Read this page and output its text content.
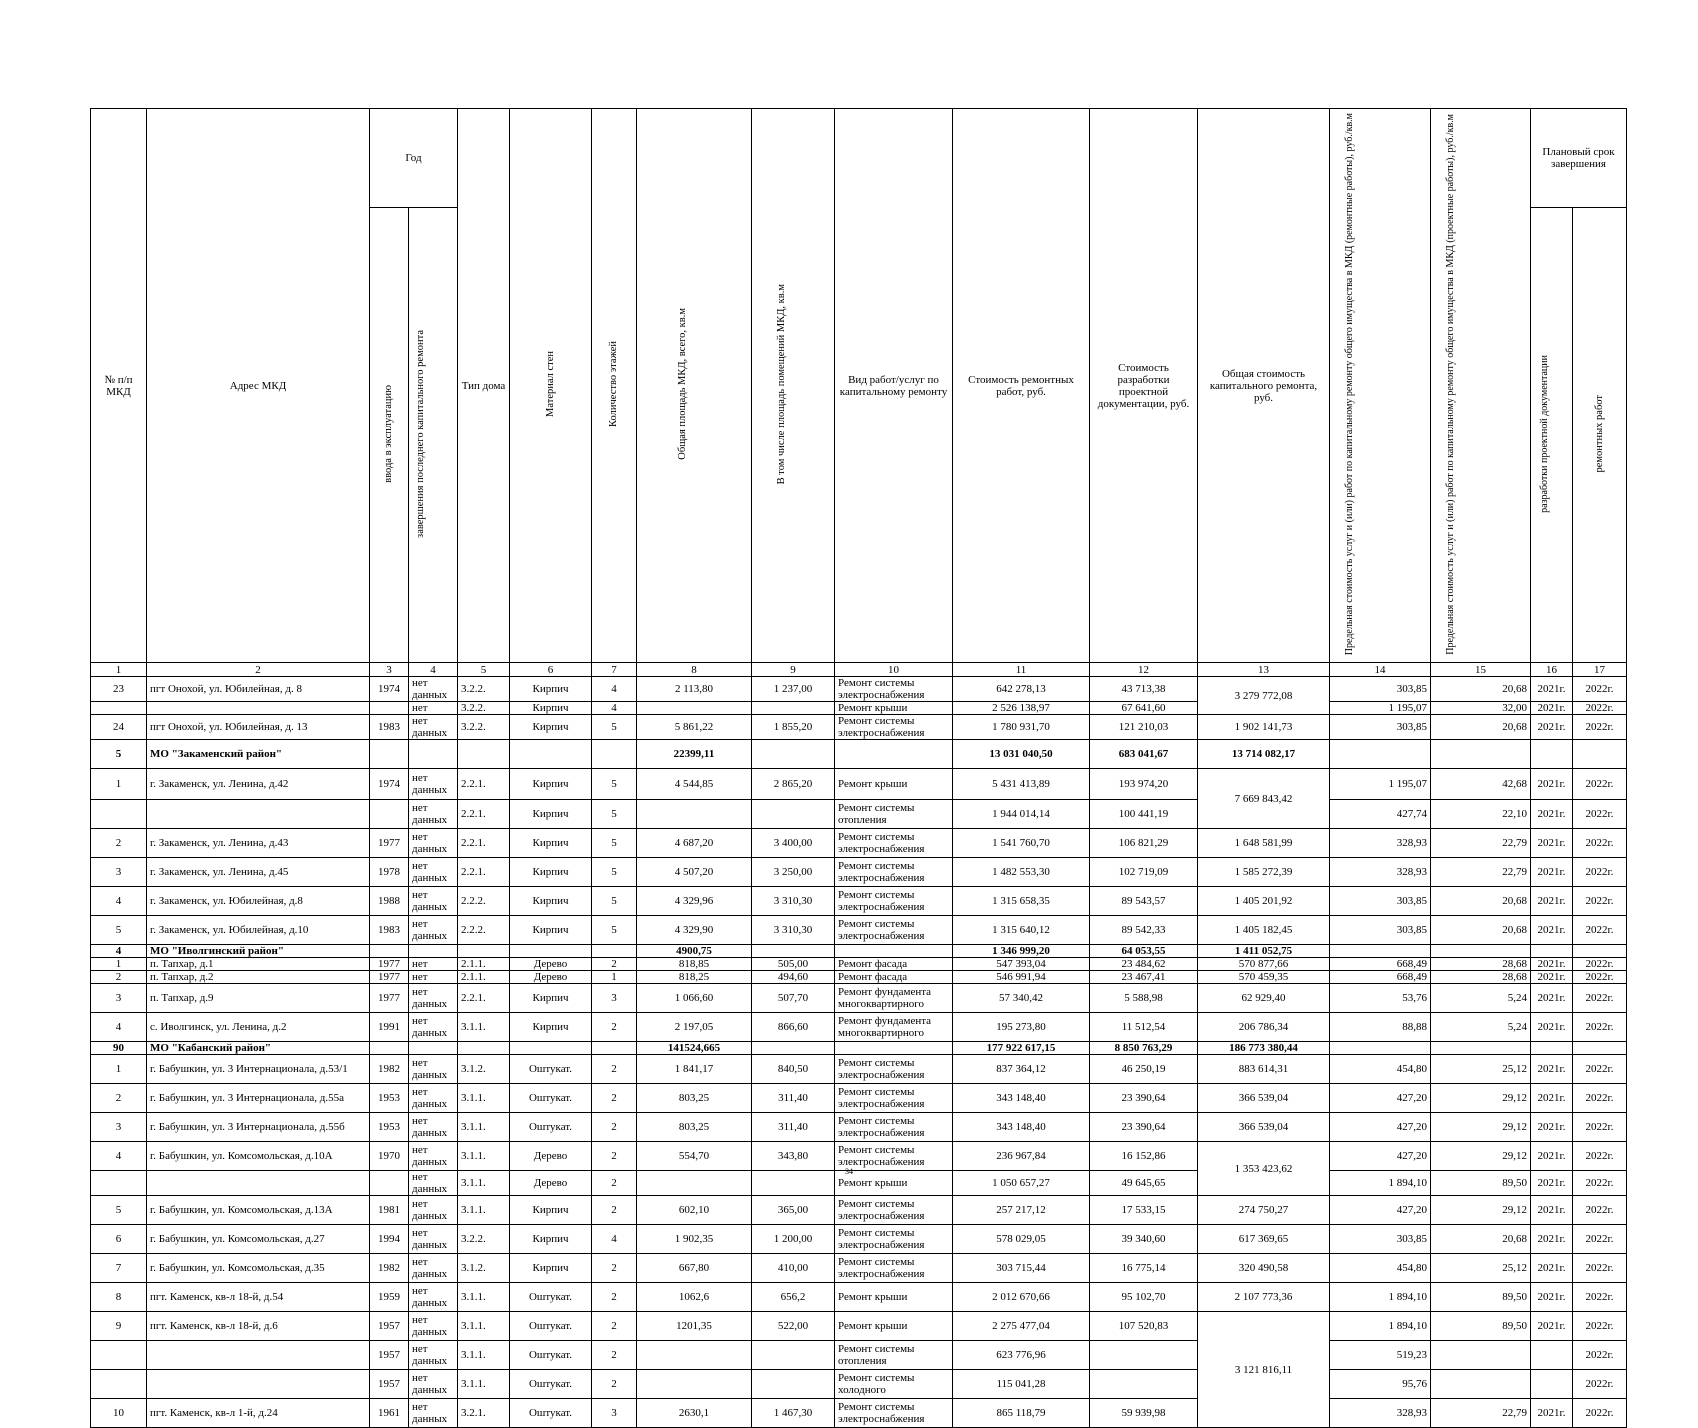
№ п/п МКД	Адрес МКД	Год		Тип дома	Материал стен	Количество этажей	Общая площадь МКД, всего, кв.м	В том числе площадь помещений МКД, кв.м	Вид работ/услуг по капитальному ремонту	Стоимость ремонтных работ, руб.	Стоимость разработки проектной документации, руб.	Общая стоимость капитального ремонта, руб.	Предельная стоимость услуг и (или) работ по капитальному ремонту общего имущества в МКД (ремонтные работы), руб./кв.м	Предельная стоимость услуг и (или) работ по капитальному ремонту общего имущества в МКД (проектные работы), руб./кв.м	Плановый срок завершения	
		ввода в эксплуатацию	завершения последнего капитального ремонта												разработки проектной документации	ремонтных работ
1	2	3	4	5	6	7	8	9	10	11	12	13	14	15	16	17
23	пгт Онохой, ул. Юбилейная, д. 8	1974	нет данных	3.2.2.	Кирпич	4	2 113,80	1 237,00	Ремонт системы электроснабжения	642 278,13	43 713,38	3 279 772,08	303,85	20,68	2021г.	2022г.
			нет	3.2.2.	Кирпич	4			Ремонт крыши	2 526 138,97	67 641,60		1 195,07	32,00	2021г.	2022г.
24	пгт Онохой, ул. Юбилейная, д. 13	1983	нет данных	3.2.2.	Кирпич	5	5 861,22	1 855,20	Ремонт системы электроснабжения	1 780 931,70	121 210,03	1 902 141,73	303,85	20,68	2021г.	2022г.
5	МО "Закаменский район"						22399,11			13 031 040,50	683 041,67	13 714 082,17				
1	г. Закаменск, ул. Ленина, д.42	1974	нет данных	2.2.1.	Кирпич	5	4 544,85	2 865,20	Ремонт крыши	5 431 413,89	193 974,20	7 669 843,42	1 195,07	42,68	2021г.	2022г.
			нет данных	2.2.1.	Кирпич	5			Ремонт системы отопления	1 944 014,14	100 441,19		427,74	22,10	2021г.	2022г.
2	г. Закаменск, ул. Ленина, д.43	1977	нет данных	2.2.1.	Кирпич	5	4 687,20	3 400,00	Ремонт системы электроснабжения	1 541 760,70	106 821,29	1 648 581,99	328,93	22,79	2021г.	2022г.
3	г. Закаменск, ул. Ленина, д.45	1978	нет данных	2.2.1.	Кирпич	5	4 507,20	3 250,00	Ремонт системы электроснабжения	1 482 553,30	102 719,09	1 585 272,39	328,93	22,79	2021г.	2022г.
4	г. Закаменск, ул. Юбилейная, д.8	1988	нет данных	2.2.2.	Кирпич	5	4 329,96	3 310,30	Ремонт системы электроснабжения	1 315 658,35	89 543,57	1 405 201,92	303,85	20,68	2021г.	2022г.
5	г. Закаменск, ул. Юбилейная, д.10	1983	нет данных	2.2.2.	Кирпич	5	4 329,90	3 310,30	Ремонт системы электроснабжения	1 315 640,12	89 542,33	1 405 182,45	303,85	20,68	2021г.	2022г.
4	МО "Иволгинский район"						4900,75			1 346 999,20	64 053,55	1 411 052,75				
1	п. Тапхар, д.1	1977	нет	2.1.1.	Дерево	2	818,85	505,00	Ремонт фасада	547 393,04	23 484,62	570 877,66	668,49	28,68	2021г.	2022г.
2	п. Тапхар, д.2	1977	нет	2.1.1.	Дерево	1	818,25	494,60	Ремонт фасада	546 991,94	23 467,41	570 459,35	668,49	28,68	2021г.	2022г.
3	п. Тапхар, д.9	1977	нет данных	2.2.1.	Кирпич	3	1 066,60	507,70	Ремонт фундамента многоквартирного	57 340,42	5 588,98	62 929,40	53,76	5,24	2021г.	2022г.
4	с. Иволгинск, ул. Ленина, д.2	1991	нет данных	3.1.1.	Кирпич	2	2 197,05	866,60	Ремонт фундамента многоквартирного	195 273,80	11 512,54	206 786,34	88,88	5,24	2021г.	2022г.
90	МО "Кабанский район"						141524,665			177 922 617,15	8 850 763,29	186 773 380,44				
1	г. Бабушкин, ул. 3 Интернационала, д.53/1	1982	нет данных	3.1.2.	Оштукат.	2	1 841,17	840,50	Ремонт системы электроснабжения	837 364,12	46 250,19	883 614,31	454,80	25,12	2021г.	2022г.
2	г. Бабушкин, ул. 3 Интернационала, д.55а	1953	нет данных	3.1.1.	Оштукат.	2	803,25	311,40	Ремонт системы электроснабжения	343 148,40	23 390,64	366 539,04	427,20	29,12	2021г.	2022г.
3	г. Бабушкин, ул. 3 Интернационала, д.55б	1953	нет данных	3.1.1.	Оштукат.	2	803,25	311,40	Ремонт системы электроснабжения	343 148,40	23 390,64	366 539,04	427,20	29,12	2021г.	2022г.
4	г. Бабушкин, ул. Комсомольская, д.10А	1970	нет данных	3.1.1.	Дерево	2	554,70	343,80	Ремонт системы электроснабжения	236 967,84	16 152,86	1 353 423,62	427,20	29,12	2021г.	2022г.
			нет данных	3.1.1.	Дерево	2			Ремонт крыши	1 050 657,27	49 645,65		1 894,10	89,50	2021г.	2022г.
5	г. Бабушкин, ул. Комсомольская, д.13А	1981	нет данных	3.1.1.	Кирпич	2	602,10	365,00	Ремонт системы электроснабжения	257 217,12	17 533,15	274 750,27	427,20	29,12	2021г.	2022г.
6	г. Бабушкин, ул. Комсомольская, д.27	1994	нет данных	3.2.2.	Кирпич	4	1 902,35	1 200,00	Ремонт системы электроснабжения	578 029,05	39 340,60	617 369,65	303,85	20,68	2021г.	2022г.
7	г. Бабушкин, ул. Комсомольская, д.35	1982	нет данных	3.1.2.	Кирпич	2	667,80	410,00	Ремонт системы электроснабжения	303 715,44	16 775,14	320 490,58	454,80	25,12	2021г.	2022г.
8	пгт. Каменск, кв-л 18-й, д.54	1959	нет данных	3.1.1.	Оштукат.	2	1062,6	656,2	Ремонт крыши	2 012 670,66	95 102,70	2 107 773,36	1 894,10	89,50	2021г.	2022г.
9	пгт. Каменск, кв-л 18-й, д.6	1957	нет данных	3.1.1.	Оштукат.	2	1201,35	522,00	Ремонт крыши	2 275 477,04	107 520,83	3 121 816,11	1 894,10	89,50	2021г.	2022г.
		1957	нет данных	3.1.1.	Оштукат.	2			Ремонт системы отопления	623 776,96			519,23			2022г.
		1957	нет данных	3.1.1.	Оштукат.	2			Ремонт системы холодного	115 041,28			95,76			2022г.
10	пгт. Каменск, кв-л 1-й, д.24	1961	нет данных	3.2.1.	Оштукат.	3	2630,1	1 467,30	Ремонт системы электроснабжения	865 118,79	59 939,98		328,93	22,79	2021г.	2022г.
34
